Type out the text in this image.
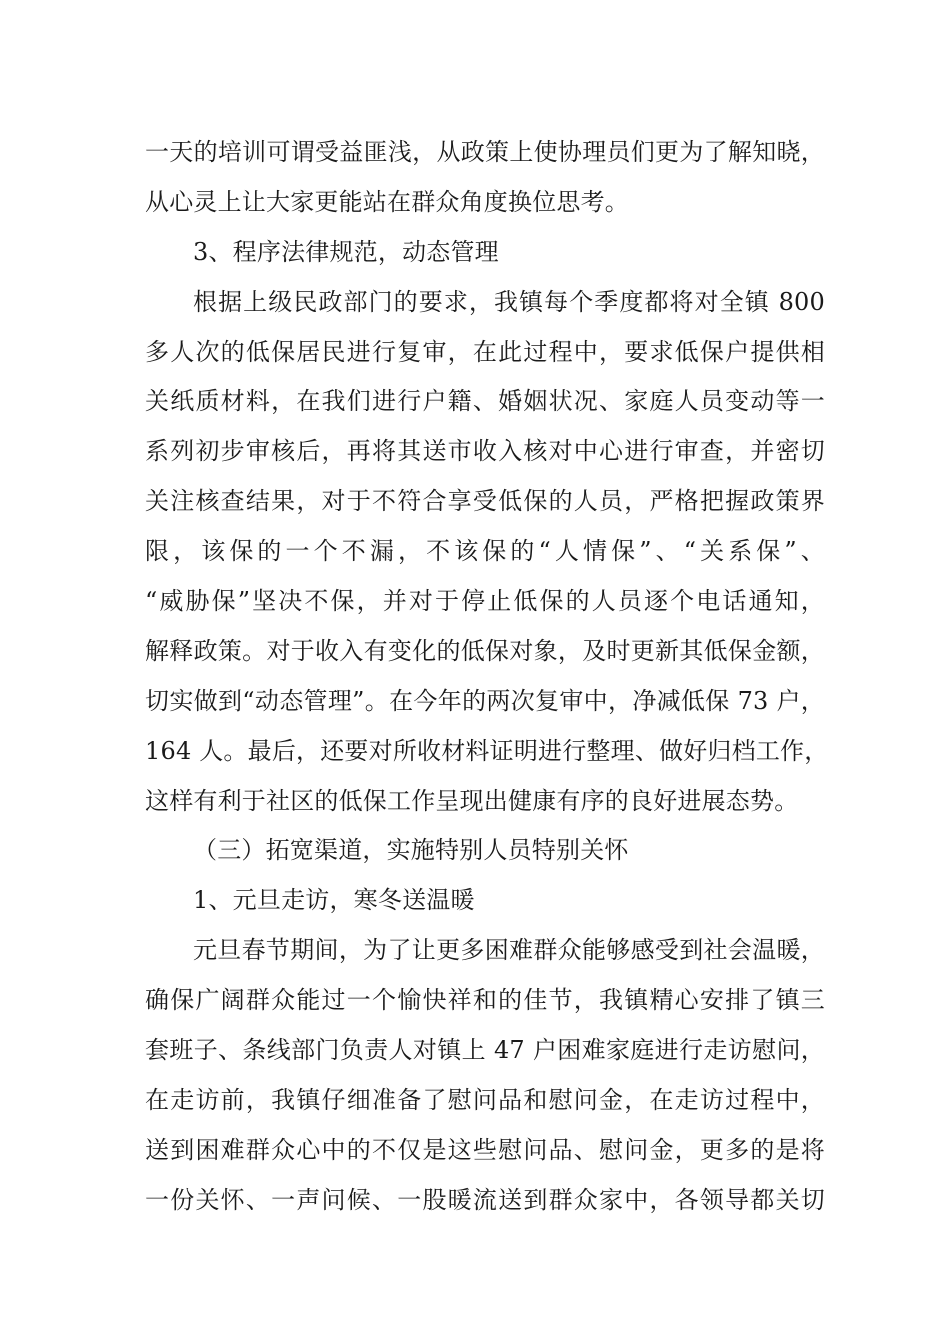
一天的培训可谓受益匪浅，从政策上使协理员们更为了解知晓，
从心灵上让大家更能站在群众角度换位思考。
3、程序法律规范，动态管理
根据上级民政部门的要求，我镇每个季度都将对全镇 800
多人次的低保居民进行复审，在此过程中，要求低保户提供相
关纸质材料，在我们进行户籍、婚姻状况、家庭人员变动等一
系列初步审核后，再将其送市收入核对中心进行审查，并密切
关注核查结果，对于不符合享受低保的人员，严格把握政策界
限，该保的一个不漏，不该保的“人情保”、“关系保”、
“威胁保”坚决不保，并对于停止低保的人员逐个电话通知，
解释政策。对于收入有变化的低保对象，及时更新其低保金额，
切实做到“动态管理”。在今年的两次复审中，净减低保 73 户，
164 人。最后，还要对所收材料证明进行整理、做好归档工作，
这样有利于社区的低保工作呈现出健康有序的良好进展态势。
（三）拓宽渠道，实施特别人员特别关怀
1、元旦走访，寒冬送温暖
元旦春节期间，为了让更多困难群众能够感受到社会温暖，
确保广阔群众能过一个愉快祥和的佳节，我镇精心安排了镇三
套班子、条线部门负责人对镇上 47 户困难家庭进行走访慰问，
在走访前，我镇仔细准备了慰问品和慰问金，在走访过程中，
送到困难群众心中的不仅是这些慰问品、慰问金，更多的是将
一份关怀、一声问候、一股暖流送到群众家中，各领导都关切
